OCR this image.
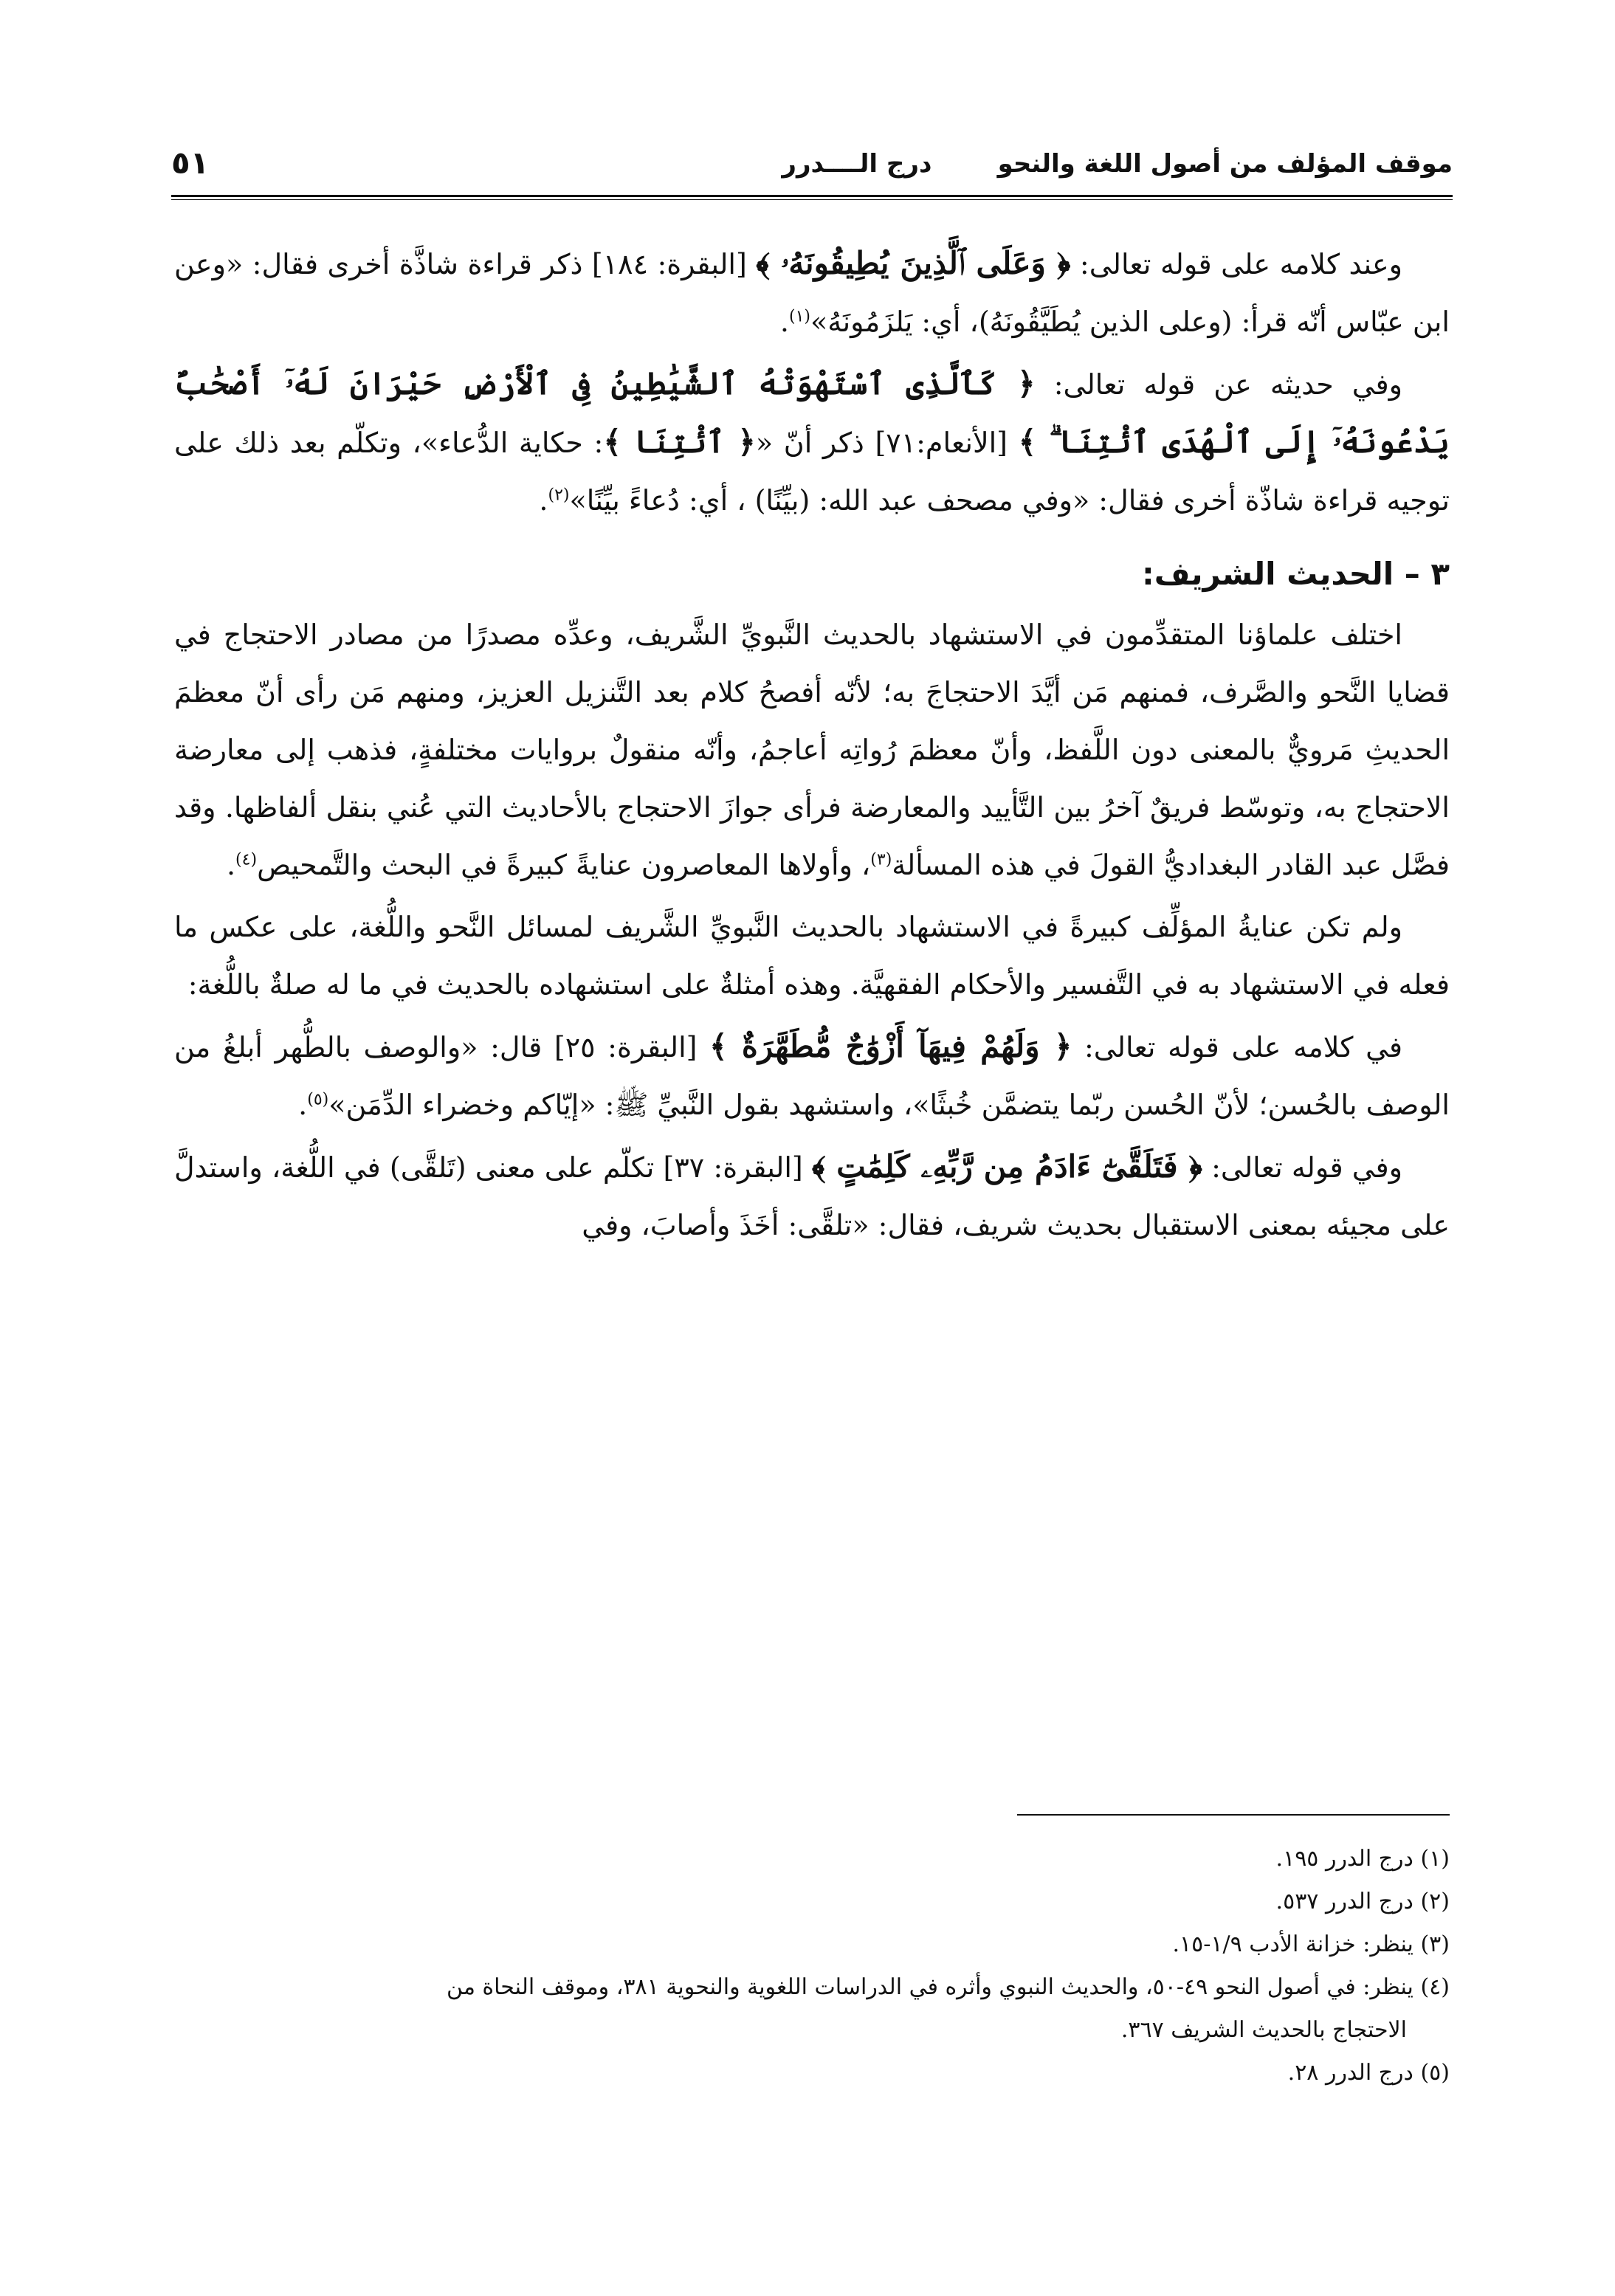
موقف المؤلف من أصول اللغة والنحو
درج الــــدرر
٥١

وعند كلامه على قوله تعالى: ﴿ وَعَلَى ٱلَّذِينَ يُطِيقُونَهُۥ ﴾ [البقرة: ١٨٤] ذكر قراءة شاذَّة أخرى فقال: «وعن ابن عبّاس أنّه قرأ: (وعلى الذين يُطَيَّقُونَهُ)، أي: يَلزَمُونَهُ»$^{(١)}$.

وفي حديثه عن قوله تعالى: ﴿ كَٱلَّذِى ٱسْتَهْوَتْهُ ٱلشَّيَٰطِينُ فِى ٱلْأَرْضِ حَيْرَانَ لَهُۥٓ أَصْحَٰبٌ يَدْعُونَهُۥٓ إِلَى ٱلْهُدَى ٱئْتِنَا ۗ ﴾ [الأنعام:٧١] ذكر أنّ «﴿ ٱئْتِنَا ﴾: حكاية الدُّعاء»، وتكلّم بعد ذلك على توجيه قراءة شاذّة أخرى فقال: «وفي مصحف عبد الله: (بيِّنًا) ، أي: دُعاءً بيِّنًا»$^{(٢)}$.

٣ – الحديث الشريف:

اختلف علماؤنا المتقدِّمون في الاستشهاد بالحديث النَّبويِّ الشَّريف، وعدِّه مصدرًا من مصادر الاحتجاج في قضايا النَّحو والصَّرف، فمنهم مَن أيَّدَ الاحتجاجَ به؛ لأنّه أفصحُ كلام بعد التَّنزيل العزيز، ومنهم مَن رأى أنّ معظمَ الحديثِ مَرويٌّ بالمعنى دون اللَّفظ، وأنّ معظمَ رُواتِه أعاجمُ، وأنّه منقولٌ بروايات مختلفةٍ، فذهب إلى معارضة الاحتجاج به، وتوسّط فريقٌ آخرُ بين التَّأييد والمعارضة فرأى جوازَ الاحتجاج بالأحاديث التي عُني بنقل ألفاظها. وقد فصَّل عبد القادر البغداديُّ القولَ في هذه المسألة$^{(٣)}$، وأولاها المعاصرون عنايةً كبيرةً في البحث والتَّمحيص$^{(٤)}$.

ولم تكن عنايةُ المؤلِّف كبيرةً في الاستشهاد بالحديث النَّبويِّ الشَّريف لمسائل النَّحو واللُّغة، على عكس ما فعله في الاستشهاد به في التَّفسير والأحكام الفقهيَّة. وهذه أمثلةٌ على استشهاده بالحديث في ما له صلةٌ باللُّغة:

في كلامه على قوله تعالى: ﴿ وَلَهُمْ فِيهَآ أَزْوَٰجٌ مُّطَهَّرَةٌ ﴾ [البقرة: ٢٥] قال: «والوصف بالطُّهر أبلغُ من الوصف بالحُسن؛ لأنّ الحُسن ربّما يتضمَّن خُبثًا»، واستشهد بقول النَّبيِّ ﷺ: «إيّاكم وخضراء الدِّمَن»$^{(٥)}$.

وفي قوله تعالى: ﴿ فَتَلَقَّىٰٓ ءَادَمُ مِن رَّبِّهِۦ كَلِمَٰتٍ ﴾ [البقرة: ٣٧] تكلّم على معنى (تَلقَّى) في اللُّغة، واستدلَّ على مجيئه بمعنى الاستقبال بحديث شريف، فقال: «تلقَّى: أخَذَ وأصابَ، وفي

(١) درج الدرر ١٩٥.

(٢) درج الدرر ٥٣٧.

(٣) ينظر: خزانة الأدب ١/٩-١٥.

(٤) ينظر: في أصول النحو ٤٩-٥٠، والحديث النبوي وأثره في الدراسات اللغوية والنحوية ٣٨١، وموقف النحاة من

الاحتجاج بالحديث الشريف ٣٦٧.

(٥) درج الدرر ٢٨.
